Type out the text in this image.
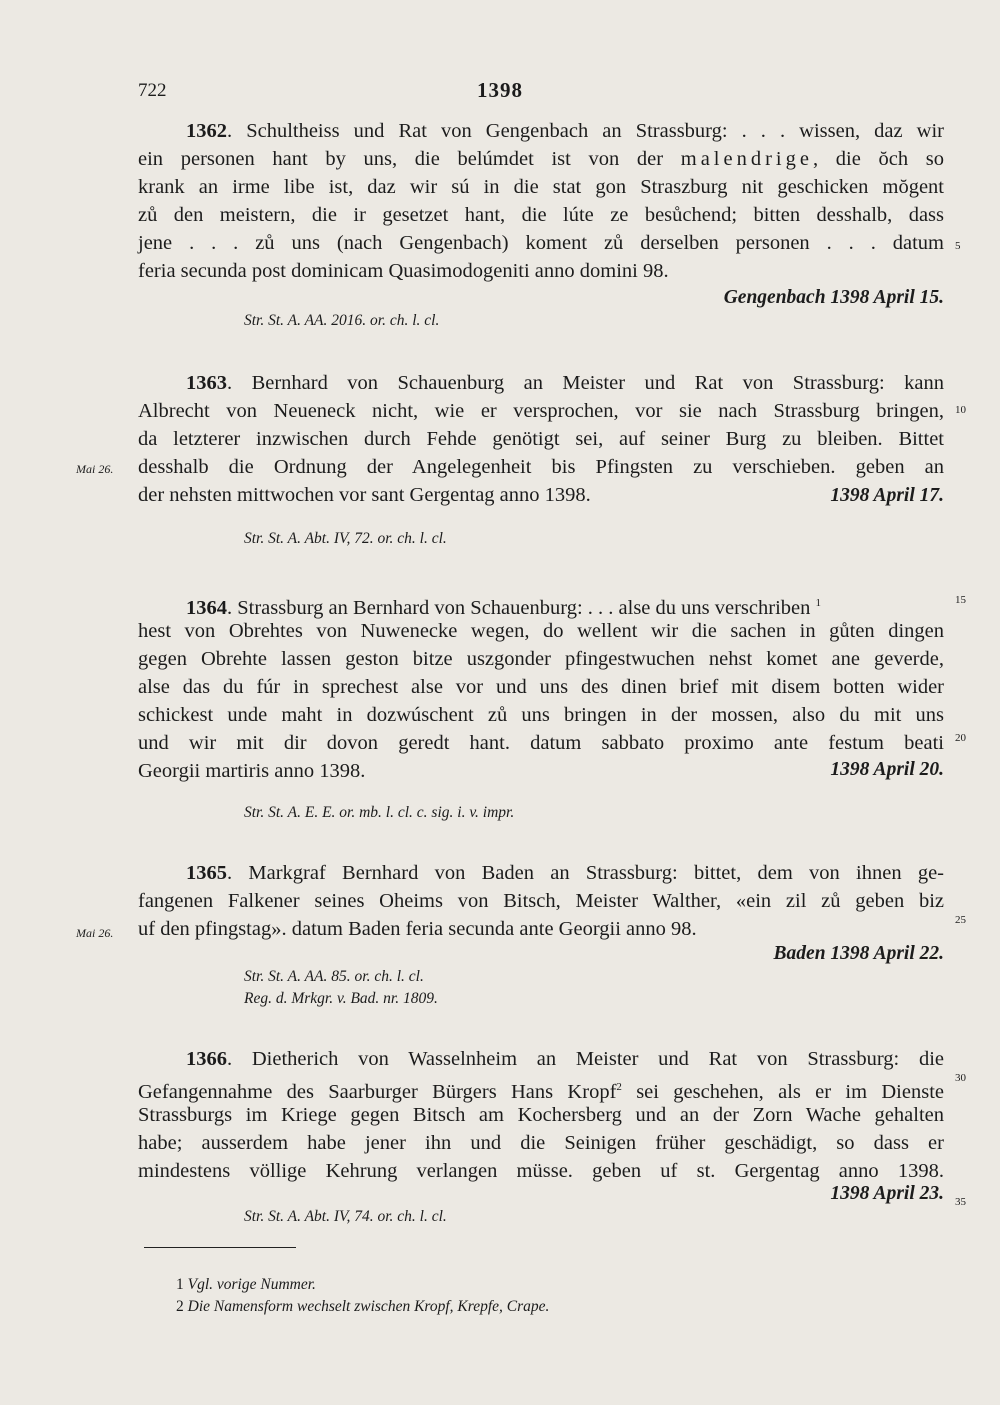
722	1398
1362. Schultheiss und Rat von Gengenbach an Strassburg: . . . wissen, daz wir
ein personen hant by uns, die belúmdet ist von der malendrige, die ŏch so
krank an irme libe ist, daz wir sú in die stat gon Straszburg nit geschicken mŏgent
zů den meistern, die ir gesetzet hant, die lúte ze besůchend; bitten desshalb, dass
jene . . . zů uns (nach Gengenbach) koment zů derselben personen . . . datum
feria secunda post dominicam Quasimodogeniti anno domini 98.
Gengenbach 1398 April 15.
Str. St. A. AA. 2016. or. ch. l. cl.
1363. Bernhard von Schauenburg an Meister und Rat von Strassburg: kann
Albrecht von Neueneck nicht, wie er versprochen, vor sie nach Strassburg bringen,
da letzterer inzwischen durch Fehde genötigt sei, auf seiner Burg zu bleiben. Bittet
desshalb die Ordnung der Angelegenheit bis Pfingsten zu verschieben. geben an
der nehsten mittwochen vor sant Gergentag anno 1398.	1398 April 17.
Str. St. A. Abt. IV, 72. or. ch. l. cl.
1364. Strassburg an Bernhard von Schauenburg: . . . alse du uns verschriben $^1$
hest von Obrehtes von Nuwenecke wegen, do wellent wir die sachen in gůten dingen
gegen Obrehte lassen geston bitze uszgonder pfingestwuchen nehst komet ane geverde,
alse das du fúr in sprechest alse vor und uns des dinen brief mit disem botten wider
schickest unde maht in dozwúschent zů uns bringen in der mossen, also du mit uns
und wir mit dir dovon geredt hant. datum sabbato proximo ante festum beati
Georgii martiris anno 1398.	1398 April 20.
Str. St. A. E. E. or. mb. l. cl. c. sig. i. v. impr.
1365. Markgraf Bernhard von Baden an Strassburg: bittet, dem von ihnen ge-
fangenen Falkener seines Oheims von Bitsch, Meister Walther, «ein zil zů geben biz
uf den pfingstag». datum Baden feria secunda ante Georgii anno 98.
Baden 1398 April 22.
Str. St. A. AA. 85. or. ch. l. cl.
Reg. d. Mrkgr. v. Bad. nr. 1809.
1366. Dietherich von Wasselnheim an Meister und Rat von Strassburg: die
Gefangennahme des Saarburger Bürgers Hans Kropf$^2$ sei geschehen, als er im Dienste
Strassburgs im Kriege gegen Bitsch am Kochersberg und an der Zorn Wache gehalten
habe; ausserdem habe jener ihn und die Seinigen früher geschädigt, so dass er
mindestens völlige Kehrung verlangen müsse. geben uf st. Gergentag anno 1398.
1398 April 23.
Str. St. A. Abt. IV, 74. or. ch. l. cl.
5
10
15
20
25
30
35
Mai 26.
Mai 26.
1 Vgl. vorige Nummer.
2 Die Namensform wechselt zwischen Kropf, Krepfe, Crape.
